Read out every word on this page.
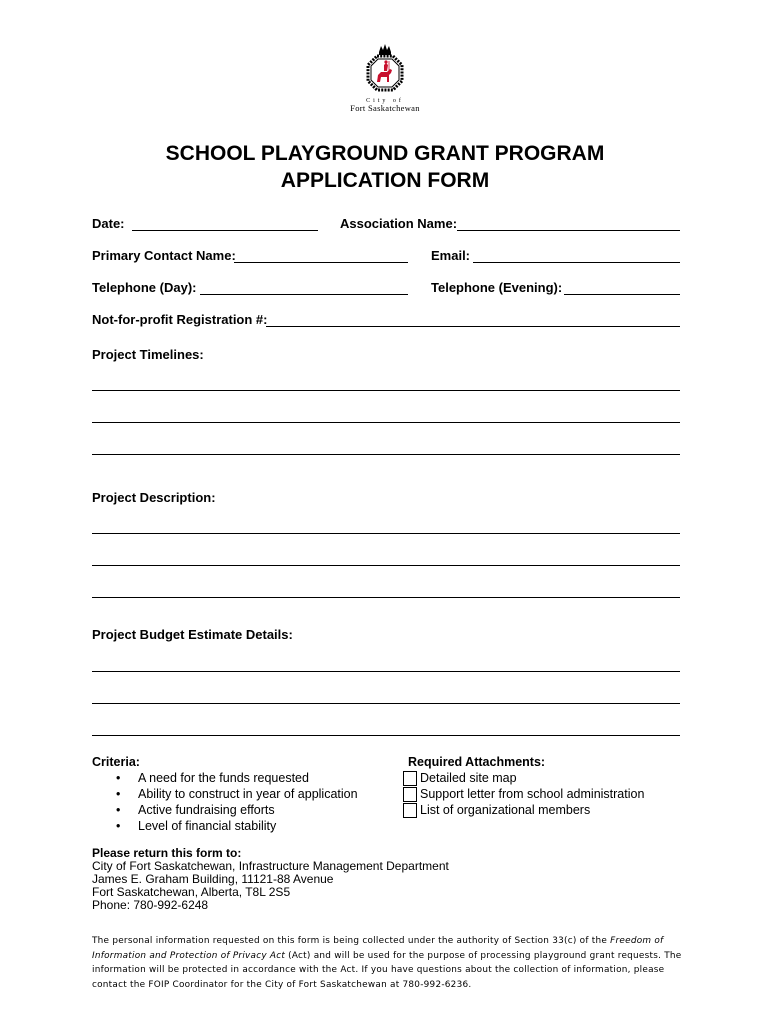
City of
Fort Saskatchewan
SCHOOL PLAYGROUND GRANT PROGRAM
APPLICATION FORM
Date:	Association Name:
Primary Contact Name:	Email:
Telephone (Day):	Telephone (Evening):
Not-for-profit Registration #:
Project Timelines:
Project Description:
Project Budget Estimate Details:
Criteria:
• A need for the funds requested
• Ability to construct in year of application
• Active fundraising efforts
• Level of financial stability
Required Attachments:
Detailed site map
Support letter from school administration
List of organizational members
Please return this form to:
City of Fort Saskatchewan, Infrastructure Management Department
James E. Graham Building, 11121-88 Avenue
Fort Saskatchewan, Alberta, T8L 2S5
Phone: 780-992-6248
The personal information requested on this form is being collected under the authority of Section 33(c) of the Freedom of Information and Protection of Privacy Act (Act) and will be used for the purpose of processing playground grant requests. The information will be protected in accordance with the Act. If you have questions about the collection of information, please contact the FOIP Coordinator for the City of Fort Saskatchewan at 780-992-6236.
